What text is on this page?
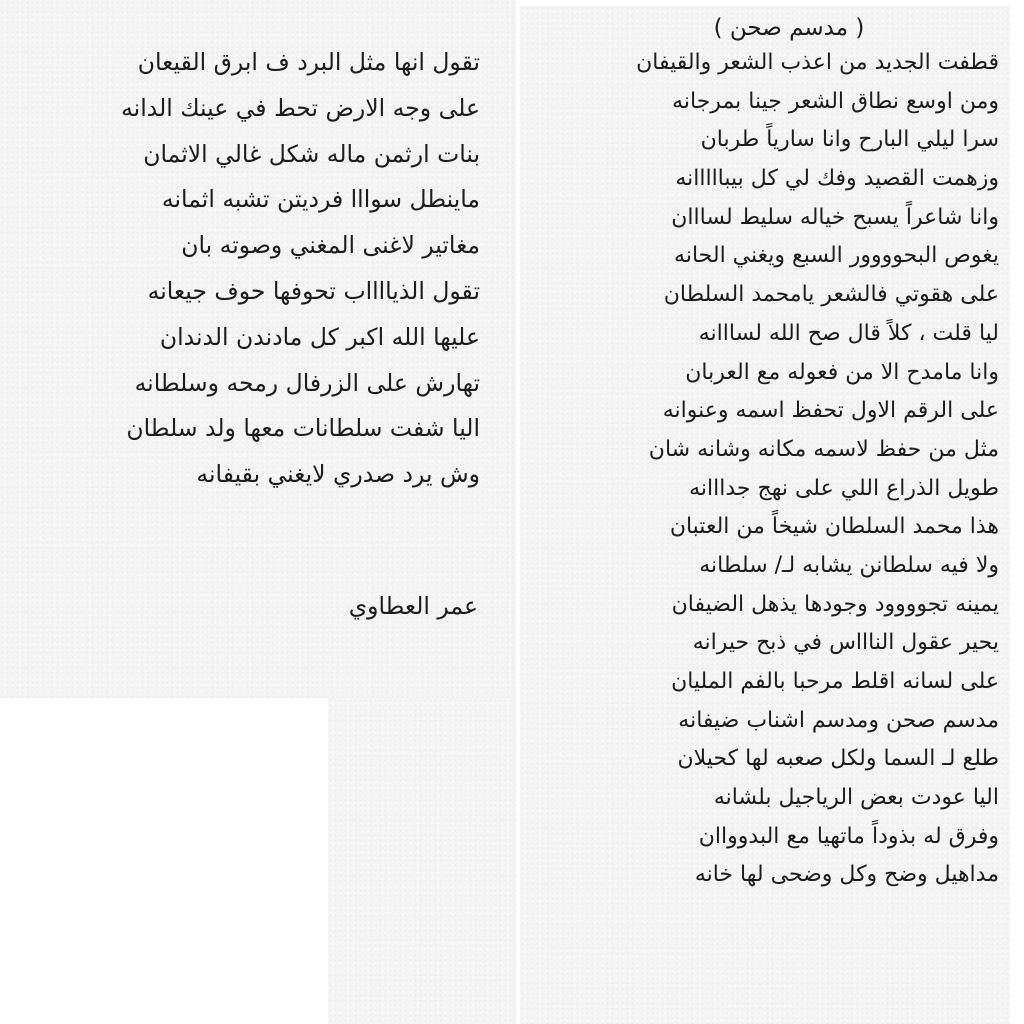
( مدسم صحن )
قطفت الجديد من اعذب الشعر والقيفان
ومن اوسع نطاق الشعر جينا بمرجانه
سرا ليلي البارح وانا سارياً طربان
وزهمت القصيد وفك لي كل بيبااااانه
وانا شاعراً يسبح خياله سليط لسااان
يغوص البحوووور السبع ويغني الحانه
على هقوتي فالشعر يامحمد السلطان
ليا قلت ، كلاً قال صح الله لسااانه
وانا مامدح الا من فعوله مع العربان
على الرقم الاول تحفظ اسمه وعنوانه
مثل من حفظ لاسمه مكانه وشانه شان
طويل الذراع اللي على نهج جدااانه
هذا محمد السلطان شيخاً من العتبان
ولا فيه سلطانن يشابه لـ/ سلطانه
يمينه تجوووود وجودها يذهل الضيفان
يحير عقول الناااس في ذبح حيرانه
على لسانه اقلط مرحبا بالفم المليان
مدسم صحن ومدسم اشناب ضيفانه
طلع لـ السما ولكل صعبه لها كحيلان
اليا عودت بعض الرياجيل بلشانه
وفرق له بذوداً ماتهيا مع البدوواان
مداهيل وضح وكل وضحى لها خانه
تقول انها مثل البرد ف ابرق القيعان
على وجه الارض تحط في عينك الدانه
بنات ارثمن ماله شكل غالي الاثمان
ماينطل سوااا فرديتن تشبه اثمانه
مغاتير لاغنى المغني وصوته بان
تقول الذيااااب تحوفها حوف جيعانه
عليها الله اكبر كل مادندن الدندان
تهارش على الزرفال رمحه وسلطانه
اليا شفت سلطانات معها ولد سلطان
وش يرد صدري لايغني بقيفانه
عمر العطاوي
